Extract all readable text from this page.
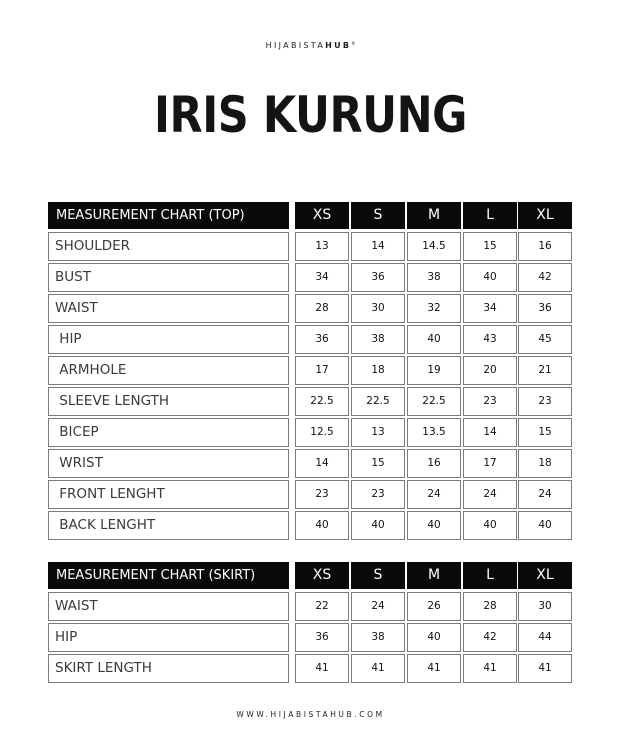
HIJABISTAHUB®
IRIS KURUNG
MEASUREMENT CHART (TOP)	XS	S	M	L	XL
SHOULDER	13	14	14.5	15	16
BUST	34	36	38	40	42
WAIST	28	30	32	34	36
HIP	36	38	40	43	45
ARMHOLE	17	18	19	20	21
SLEEVE LENGTH	22.5	22.5	22.5	23	23
BICEP	12.5	13	13.5	14	15
WRIST	14	15	16	17	18
FRONT LENGHT	23	23	24	24	24
BACK LENGHT	40	40	40	40	40
MEASUREMENT CHART (SKIRT)	XS	S	M	L	XL
WAIST	22	24	26	28	30
HIP	36	38	40	42	44
SKIRT LENGTH	41	41	41	41	41
WWW.HIJABISTAHUB.COM
